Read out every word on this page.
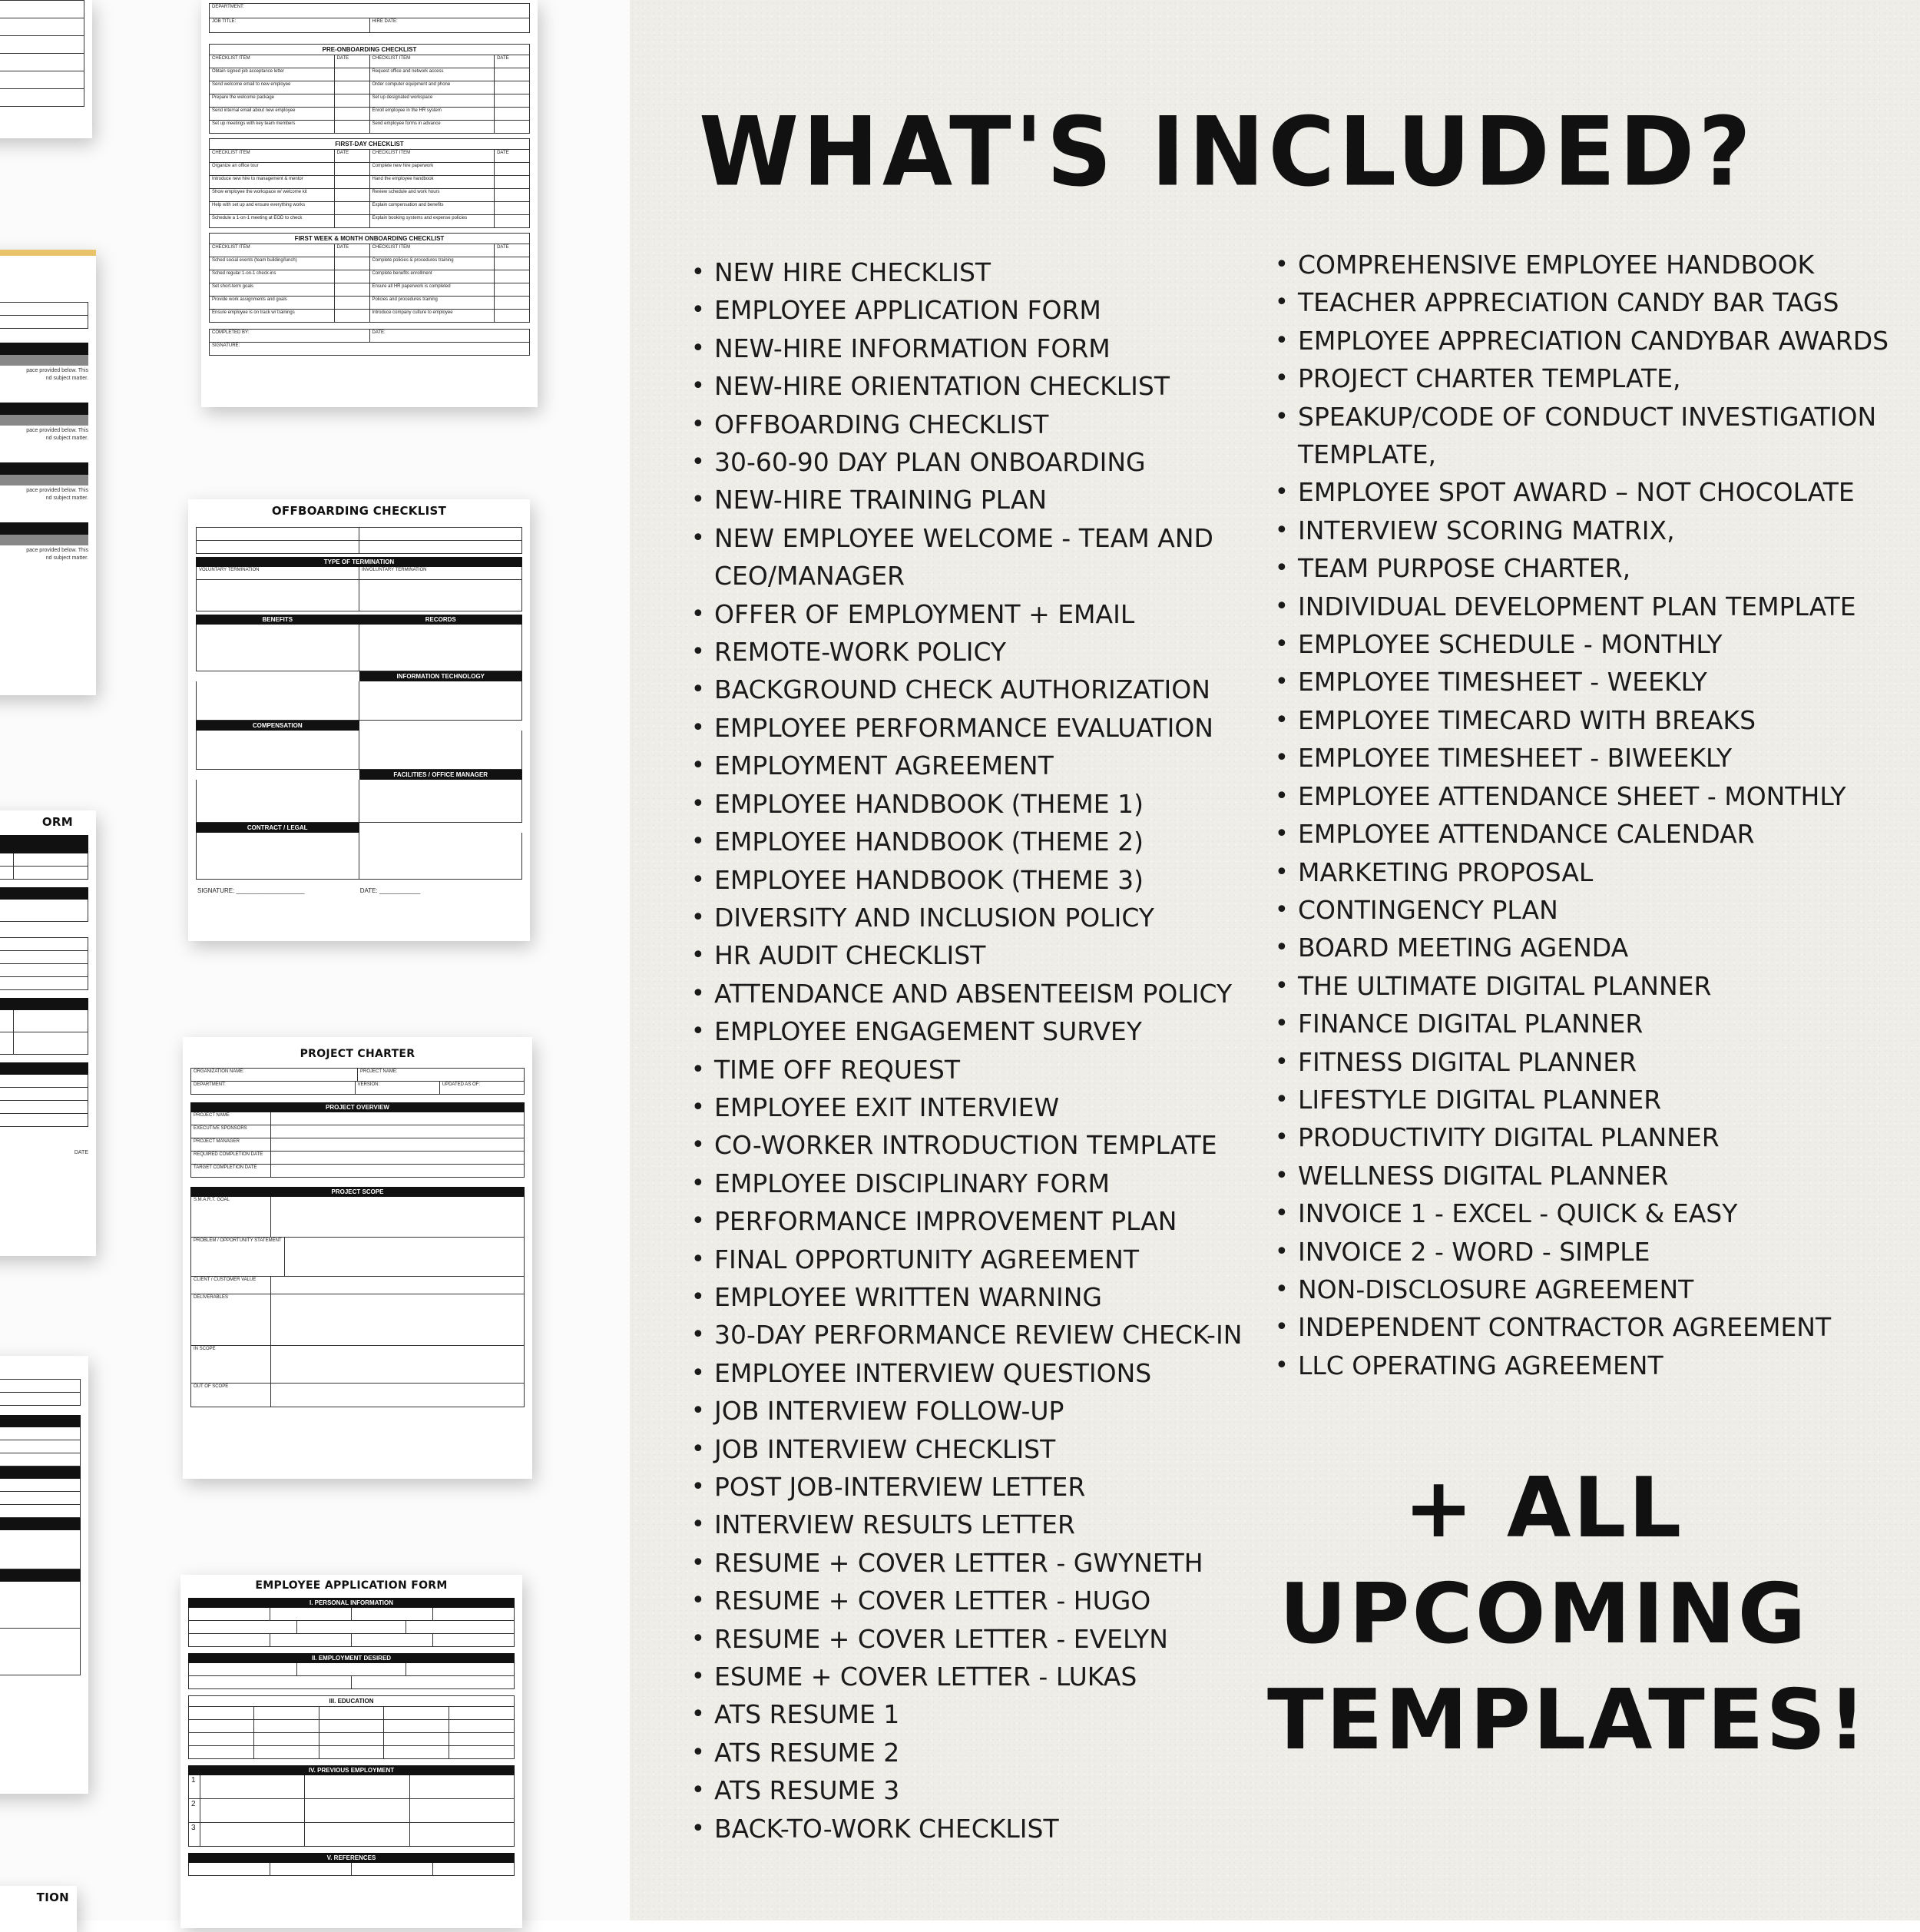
DEPARTMENT:
JOB TITLE:	HIRE DATE:
PRE-ONBOARDING CHECKLIST
CHECKLIST ITEM	DATE	CHECKLIST ITEM	DATE
Obtain signed job acceptance letter	Request office and network access
Send welcome email to new employee	Order computer equipment and phone
Prepare the welcome package	Set up designated workspace
Send internal email about new employee	Enroll employee in the HR system
Set up meetings with key team members	Send employee forms in advance
FIRST-DAY CHECKLIST
CHECKLIST ITEM	DATE	CHECKLIST ITEM	DATE
Organize an office tour	Complete new hire paperwork
Introduce new hire to management & mentor	Hand the employee handbook
Show employee the workspace w/ welcome kit	Review schedule and work hours
Help with set up and ensure everything works	Explain compensation and benefits
Schedule a 1-on-1 meeting at EOD to check	Explain booking systems and expense policies
FIRST WEEK & MONTH ONBOARDING CHECKLIST
CHECKLIST ITEM	DATE	CHECKLIST ITEM	DATE
Sched social events (team building/lunch)	Complete policies & procedures training
Sched regular 1-on-1 check-ins	Complete benefits enrollment
Set short-term goals	Ensure all HR paperwork is completed
Provide work assignments and goals	Policies and procedures training
Ensure employee is on track w/ trainings	Introduce company culture to employee
COMPLETED BY:	DATE:
SIGNATURE:
pace provided below. This
nd subject matter.
pace provided below. This
nd subject matter.
pace provided below. This
nd subject matter.
pace provided below. This
nd subject matter.
OFFBOARDING CHECKLIST
TYPE OF TERMINATION
VOLUNTARY TERMINATION	INVOLUNTARY TERMINATION
BENEFITS	RECORDS
INFORMATION TECHNOLOGY
COMPENSATION
FACILITIES / OFFICE MANAGER
CONTRACT / LEGAL
SIGNATURE: ____________________	DATE: ____________
ORM
DATE
PROJECT CHARTER
ORGANIZATION NAME:	PROJECT NAME:
DEPARTMENT:	VERSION:	UPDATED AS OF:
PROJECT OVERVIEW
PROJECT NAME
EXECUTIVE SPONSORS
PROJECT MANAGER
REQUIRED COMPLETION DATE
TARGET COMPLETION DATE
PROJECT SCOPE
S.M.A.R.T. GOAL
PROBLEM / OPPORTUNITY STATEMENT
CLIENT / CUSTOMER VALUE
DELIVERABLES
IN SCOPE
OUT OF SCOPE
EMPLOYEE APPLICATION FORM
I. PERSONAL INFORMATION
II. EMPLOYMENT DESIRED
III. EDUCATION
IV. PREVIOUS EMPLOYMENT
1
2
3
V. REFERENCES
TION
WHAT'S INCLUDED?
• NEW HIRE CHECKLIST
• EMPLOYEE APPLICATION FORM
• NEW-HIRE INFORMATION FORM
• NEW-HIRE ORIENTATION CHECKLIST
• OFFBOARDING CHECKLIST
• 30-60-90 DAY PLAN ONBOARDING
• NEW-HIRE TRAINING PLAN
• NEW EMPLOYEE WELCOME - TEAM AND
CEO/MANAGER
• OFFER OF EMPLOYMENT + EMAIL
• REMOTE-WORK POLICY
• BACKGROUND CHECK AUTHORIZATION
• EMPLOYEE PERFORMANCE EVALUATION
• EMPLOYMENT AGREEMENT
• EMPLOYEE HANDBOOK (THEME 1)
• EMPLOYEE HANDBOOK (THEME 2)
• EMPLOYEE HANDBOOK (THEME 3)
• DIVERSITY AND INCLUSION POLICY
• HR AUDIT CHECKLIST
• ATTENDANCE AND ABSENTEEISM POLICY
• EMPLOYEE ENGAGEMENT SURVEY
• TIME OFF REQUEST
• EMPLOYEE EXIT INTERVIEW
• CO-WORKER INTRODUCTION TEMPLATE
• EMPLOYEE DISCIPLINARY FORM
• PERFORMANCE IMPROVEMENT PLAN
• FINAL OPPORTUNITY AGREEMENT
• EMPLOYEE WRITTEN WARNING
• 30-DAY PERFORMANCE REVIEW CHECK-IN
• EMPLOYEE INTERVIEW QUESTIONS
• JOB INTERVIEW FOLLOW-UP
• JOB INTERVIEW CHECKLIST
• POST JOB-INTERVIEW LETTER
• INTERVIEW RESULTS LETTER
• RESUME + COVER LETTER - GWYNETH
• RESUME + COVER LETTER - HUGO
• RESUME + COVER LETTER - EVELYN
• ESUME + COVER LETTER - LUKAS
• ATS RESUME 1
• ATS RESUME 2
• ATS RESUME 3
• BACK-TO-WORK CHECKLIST
• COMPREHENSIVE EMPLOYEE HANDBOOK
• TEACHER APPRECIATION CANDY BAR TAGS
• EMPLOYEE APPRECIATION CANDYBAR AWARDS
• PROJECT CHARTER TEMPLATE,
• SPEAKUP/CODE OF CONDUCT INVESTIGATION
TEMPLATE,
• EMPLOYEE SPOT AWARD – NOT CHOCOLATE
• INTERVIEW SCORING MATRIX,
• TEAM PURPOSE CHARTER,
• INDIVIDUAL DEVELOPMENT PLAN TEMPLATE
• EMPLOYEE SCHEDULE - MONTHLY
• EMPLOYEE TIMESHEET - WEEKLY
• EMPLOYEE TIMECARD WITH BREAKS
• EMPLOYEE TIMESHEET - BIWEEKLY
• EMPLOYEE ATTENDANCE SHEET - MONTHLY
• EMPLOYEE ATTENDANCE CALENDAR
• MARKETING PROPOSAL
• CONTINGENCY PLAN
• BOARD MEETING AGENDA
• THE ULTIMATE DIGITAL PLANNER
• FINANCE DIGITAL PLANNER
• FITNESS DIGITAL PLANNER
• LIFESTYLE DIGITAL PLANNER
• PRODUCTIVITY DIGITAL PLANNER
• WELLNESS DIGITAL PLANNER
• INVOICE 1 - EXCEL - QUICK & EASY
• INVOICE 2 - WORD - SIMPLE
• NON-DISCLOSURE AGREEMENT
• INDEPENDENT CONTRACTOR AGREEMENT
• LLC OPERATING AGREEMENT
+ ALL
UPCOMING
TEMPLATES!
